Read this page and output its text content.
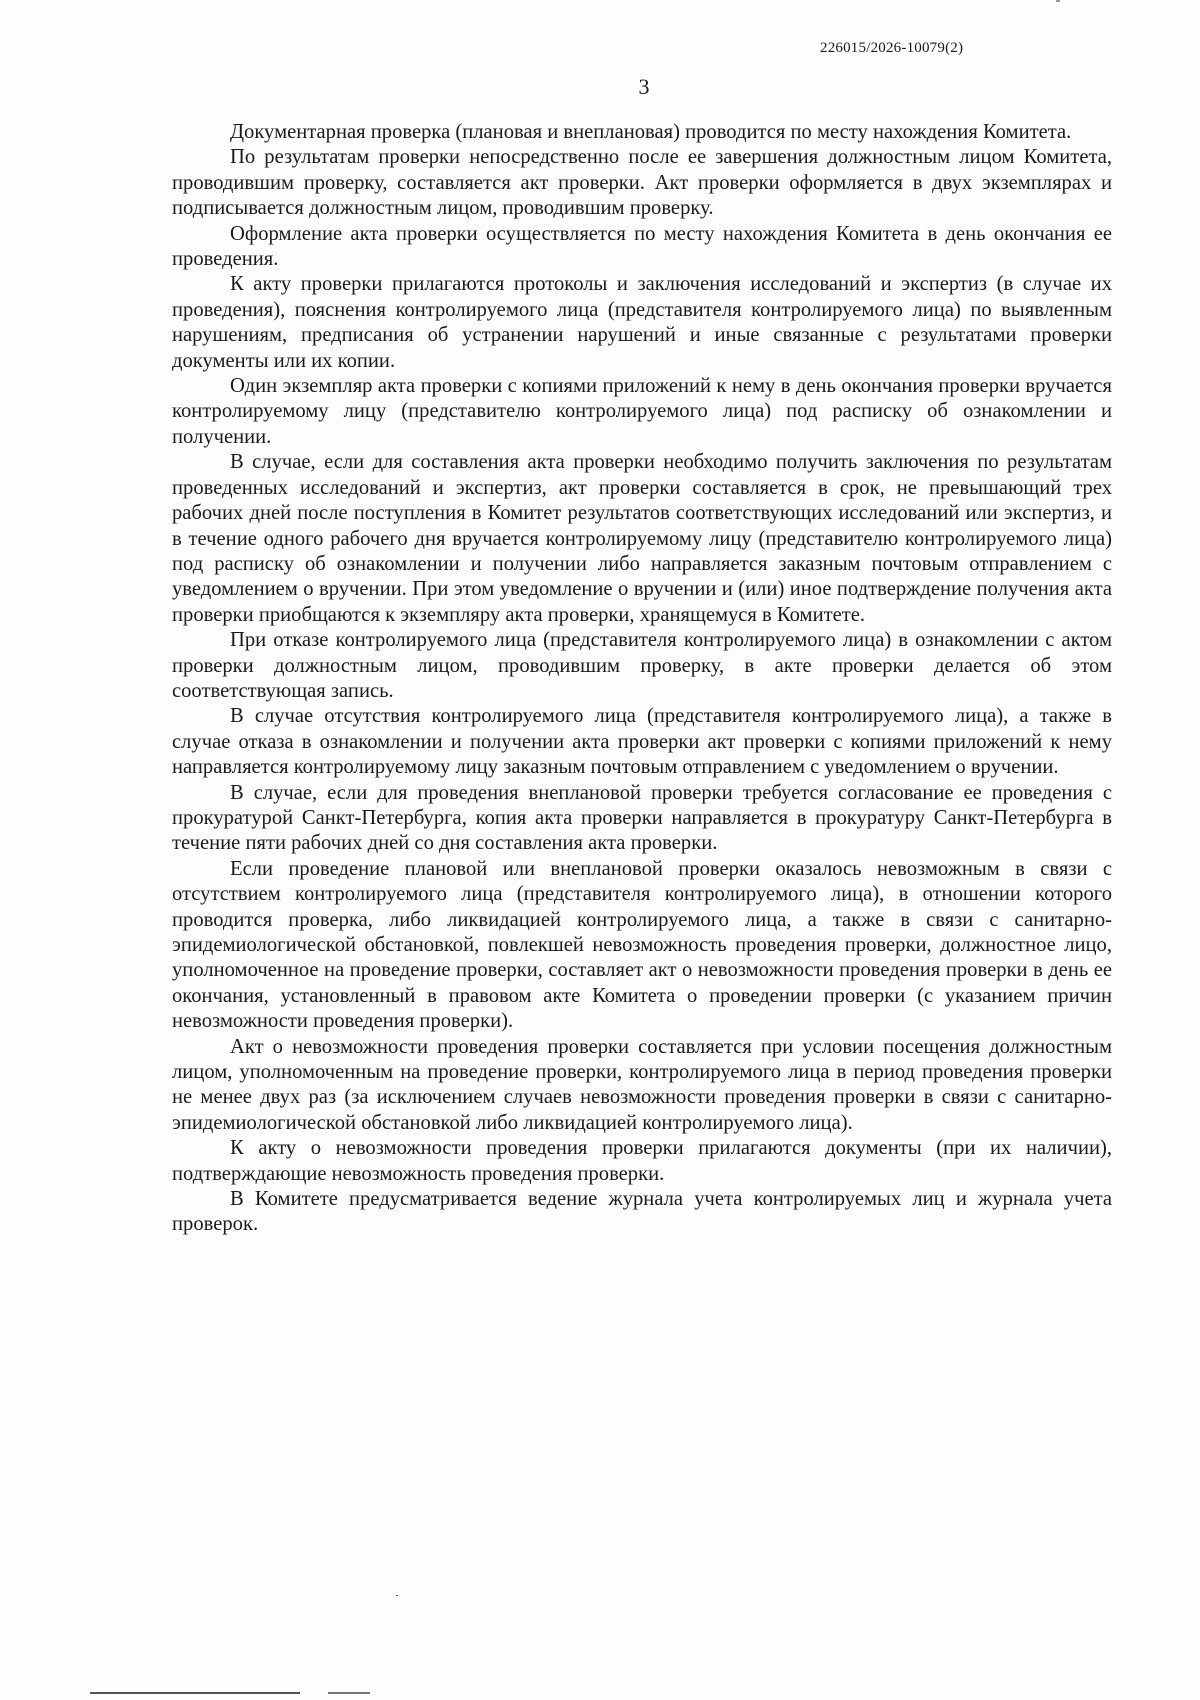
226015/2026-10079(2)
3

Документарная проверка (плановая и внеплановая) проводится по месту нахождения Комитета.

По результатам проверки непосредственно после ее завершения должностным лицом Комитета, проводившим проверку, составляется акт проверки. Акт проверки оформляется в двух экземплярах и подписывается должностным лицом, проводившим проверку.

Оформление акта проверки осуществляется по месту нахождения Комитета в день окончания ее проведения.

К акту проверки прилагаются протоколы и заключения исследований и экспертиз (в случае их проведения), пояснения контролируемого лица (представителя контролируемого лица) по выявленным нарушениям, предписания об устранении нарушений и иные связанные с результатами проверки документы или их копии.

Один экземпляр акта проверки с копиями приложений к нему в день окончания проверки вручается контролируемому лицу (представителю контролируемого лица) под расписку об ознакомлении и получении.

В случае, если для составления акта проверки необходимо получить заключения по результатам проведенных исследований и экспертиз, акт проверки составляется в срок, не превышающий трех рабочих дней после поступления в Комитет результатов соответствующих исследований или экспертиз, и в течение одного рабочего дня вручается контролируемому лицу (представителю контролируемого лица) под расписку об ознакомлении и получении либо направляется заказным почтовым отправлением с уведомлением о вручении. При этом уведомление о вручении и (или) иное подтверждение получения акта проверки приобщаются к экземпляру акта проверки, хранящемуся в Комитете.

При отказе контролируемого лица (представителя контролируемого лица) в ознакомлении с актом проверки должностным лицом, проводившим проверку, в акте проверки делается об этом соответствующая запись.

В случае отсутствия контролируемого лица (представителя контролируемого лица), а также в случае отказа в ознакомлении и получении акта проверки акт проверки с копиями приложений к нему направляется контролируемому лицу заказным почтовым отправлением с уведомлением о вручении.

В случае, если для проведения внеплановой проверки требуется согласование ее проведения с прокуратурой Санкт-Петербурга, копия акта проверки направляется в прокуратуру Санкт-Петербурга в течение пяти рабочих дней со дня составления акта проверки.

Если проведение плановой или внеплановой проверки оказалось невозможным в связи с отсутствием контролируемого лица (представителя контролируемого лица), в отношении которого проводится проверка, либо ликвидацией контролируемого лица, а также в связи с санитарно-эпидемиологической обстановкой, повлекшей невозможность проведения проверки, должностное лицо, уполномоченное на проведение проверки, составляет акт о невозможности проведения проверки в день ее окончания, установленный в правовом акте Комитета о проведении проверки (с указанием причин невозможности проведения проверки).

Акт о невозможности проведения проверки составляется при условии посещения должностным лицом, уполномоченным на проведение проверки, контролируемого лица в период проведения проверки не менее двух раз (за исключением случаев невозможности проведения проверки в связи с санитарно-эпидемиологической обстановкой либо ликвидацией контролируемого лица).

К акту о невозможности проведения проверки прилагаются документы (при их наличии), подтверждающие невозможность проведения проверки.

В Комитете предусматривается ведение журнала учета контролируемых лиц и журнала учета проверок.
